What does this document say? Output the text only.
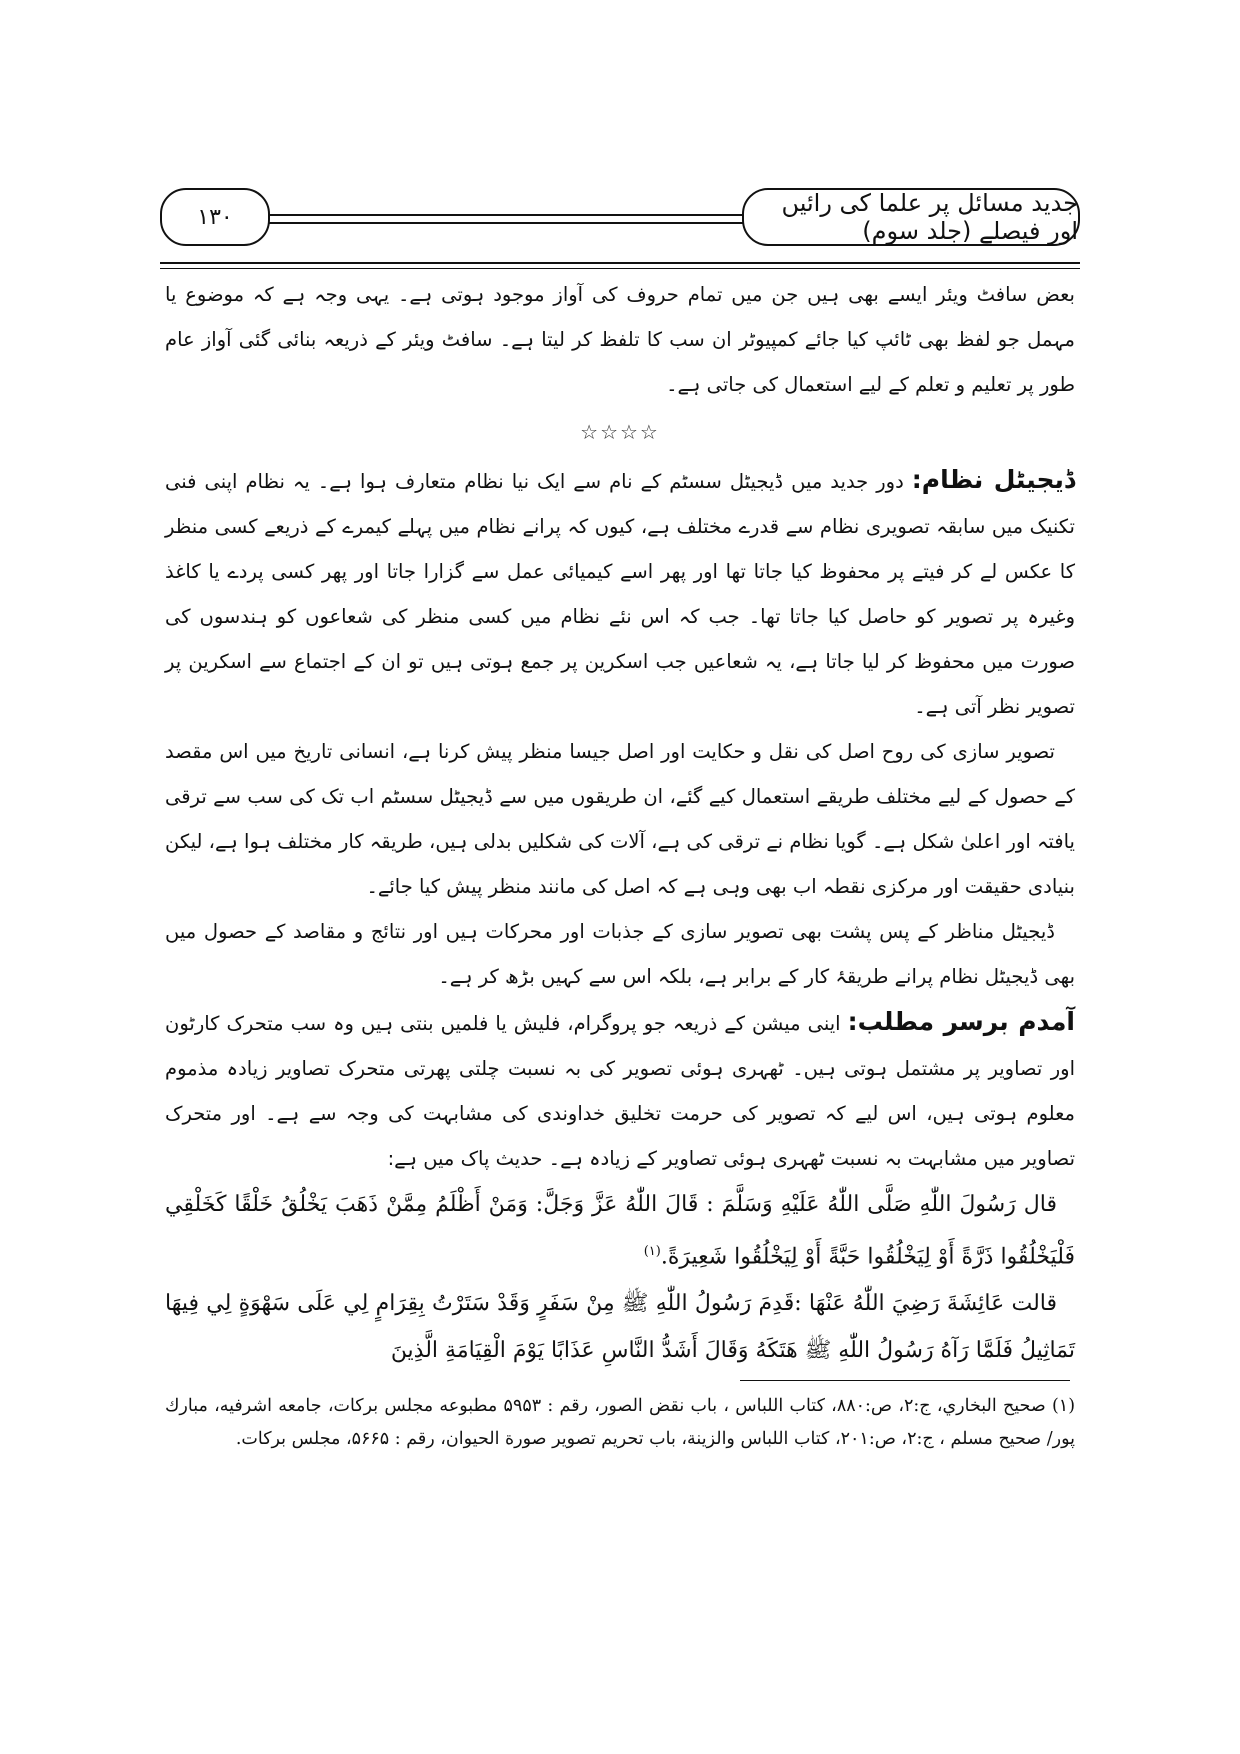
۱۳۰	جدید مسائل پر علما کی رائیں اور فیصلے (جلد سوم)

بعض سافٹ ویئر ایسے بھی ہیں جن میں تمام حروف کی آواز موجود ہوتی ہے۔ یہی وجہ ہے کہ موضوع یا مہمل جو لفظ بھی ٹائپ کیا جائے کمپیوٹر ان سب کا تلفظ کر لیتا ہے۔ سافٹ ویئر کے ذریعہ بنائی گئی آواز عام طور پر تعلیم و تعلم کے لیے استعمال کی جاتی ہے۔

☆☆☆☆

ڈیجیٹل نظام: دور جدید میں ڈیجیٹل سسٹم کے نام سے ایک نیا نظام متعارف ہوا ہے۔ یہ نظام اپنی فنی تکنیک میں سابقہ تصویری نظام سے قدرے مختلف ہے، کیوں کہ پرانے نظام میں پہلے کیمرے کے ذریعے کسی منظر کا عکس لے کر فیتے پر محفوظ کیا جاتا تھا اور پھر اسے کیمیائی عمل سے گزارا جاتا اور پھر کسی پردے یا کاغذ وغیرہ پر تصویر کو حاصل کیا جاتا تھا۔ جب کہ اس نئے نظام میں کسی منظر کی شعاعوں کو ہندسوں کی صورت میں محفوظ کر لیا جاتا ہے، یہ شعاعیں جب اسکرین پر جمع ہوتی ہیں تو ان کے اجتماع سے اسکرین پر تصویر نظر آتی ہے۔

تصویر سازی کی روح اصل کی نقل و حکایت اور اصل جیسا منظر پیش کرنا ہے، انسانی تاریخ میں اس مقصد کے حصول کے لیے مختلف طریقے استعمال کیے گئے، ان طریقوں میں سے ڈیجیٹل سسٹم اب تک کی سب سے ترقی یافتہ اور اعلیٰ شکل ہے۔ گویا نظام نے ترقی کی ہے، آلات کی شکلیں بدلی ہیں، طریقہ کار مختلف ہوا ہے، لیکن بنیادی حقیقت اور مرکزی نقطہ اب بھی وہی ہے کہ اصل کی مانند منظر پیش کیا جائے۔

ڈیجیٹل مناظر کے پس پشت بھی تصویر سازی کے جذبات اور محرکات ہیں اور نتائج و مقاصد کے حصول میں بھی ڈیجیٹل نظام پرانے طریقۂ کار کے برابر ہے، بلکہ اس سے کہیں بڑھ کر ہے۔

آمدم برسر مطلب: اینی میشن کے ذریعہ جو پروگرام، فلیش یا فلمیں بنتی ہیں وہ سب متحرک کارٹون اور تصاویر پر مشتمل ہوتی ہیں۔ ٹھہری ہوئی تصویر کی بہ نسبت چلتی پھرتی متحرک تصاویر زیادہ مذموم معلوم ہوتی ہیں، اس لیے کہ تصویر کی حرمت تخلیق خداوندی کی مشابہت کی وجہ سے ہے۔ اور متحرک تصاویر میں مشابہت بہ نسبت ٹھہری ہوئی تصاویر کے زیادہ ہے۔ حدیث پاک میں ہے:

قال رَسُولَ اللّٰهِ صَلَّى اللّٰهُ عَلَيْهِ وَسَلَّمَ : قَالَ اللّٰهُ عَزَّ وَجَلَّ: وَمَنْ أَظْلَمُ مِمَّنْ ذَهَبَ يَخْلُقُ خَلْقًا كَخَلْقِي فَلْيَخْلُقُوا ذَرَّةً أَوْ لِيَخْلُقُوا حَبَّةً أَوْ لِيَخْلُقُوا شَعِيرَةً.$^{(۱)}$

قالت عَائِشَةَ رَضِيَ اللّٰهُ عَنْهَا :قَدِمَ رَسُولُ اللّٰهِ ﷺ مِنْ سَفَرٍ وَقَدْ سَتَرْتُ بِقِرَامٍ لِي عَلَى سَهْوَةٍ لِي فِيهَا تَمَاثِيلُ فَلَمَّا رَآهُ رَسُولُ اللّٰهِ ﷺ هَتَكَهُ وَقَالَ أَشَدُّ النَّاسِ عَذَابًا يَوْمَ الْقِيَامَةِ الَّذِينَ

(۱) صحيح البخاري، ج:۲، ص:۸۸۰، كتاب اللباس ، باب نقض الصور، رقم : ۵۹۵۳ مطبوعه مجلس بركات، جامعه اشرفيه، مبارك پور/ صحيح مسلم ، ج:۲، ص:۲۰۱، كتاب اللباس والزينة، باب تحريم تصوير صورة الحيوان، رقم : ۵۶۶۵، مجلس بركات.
